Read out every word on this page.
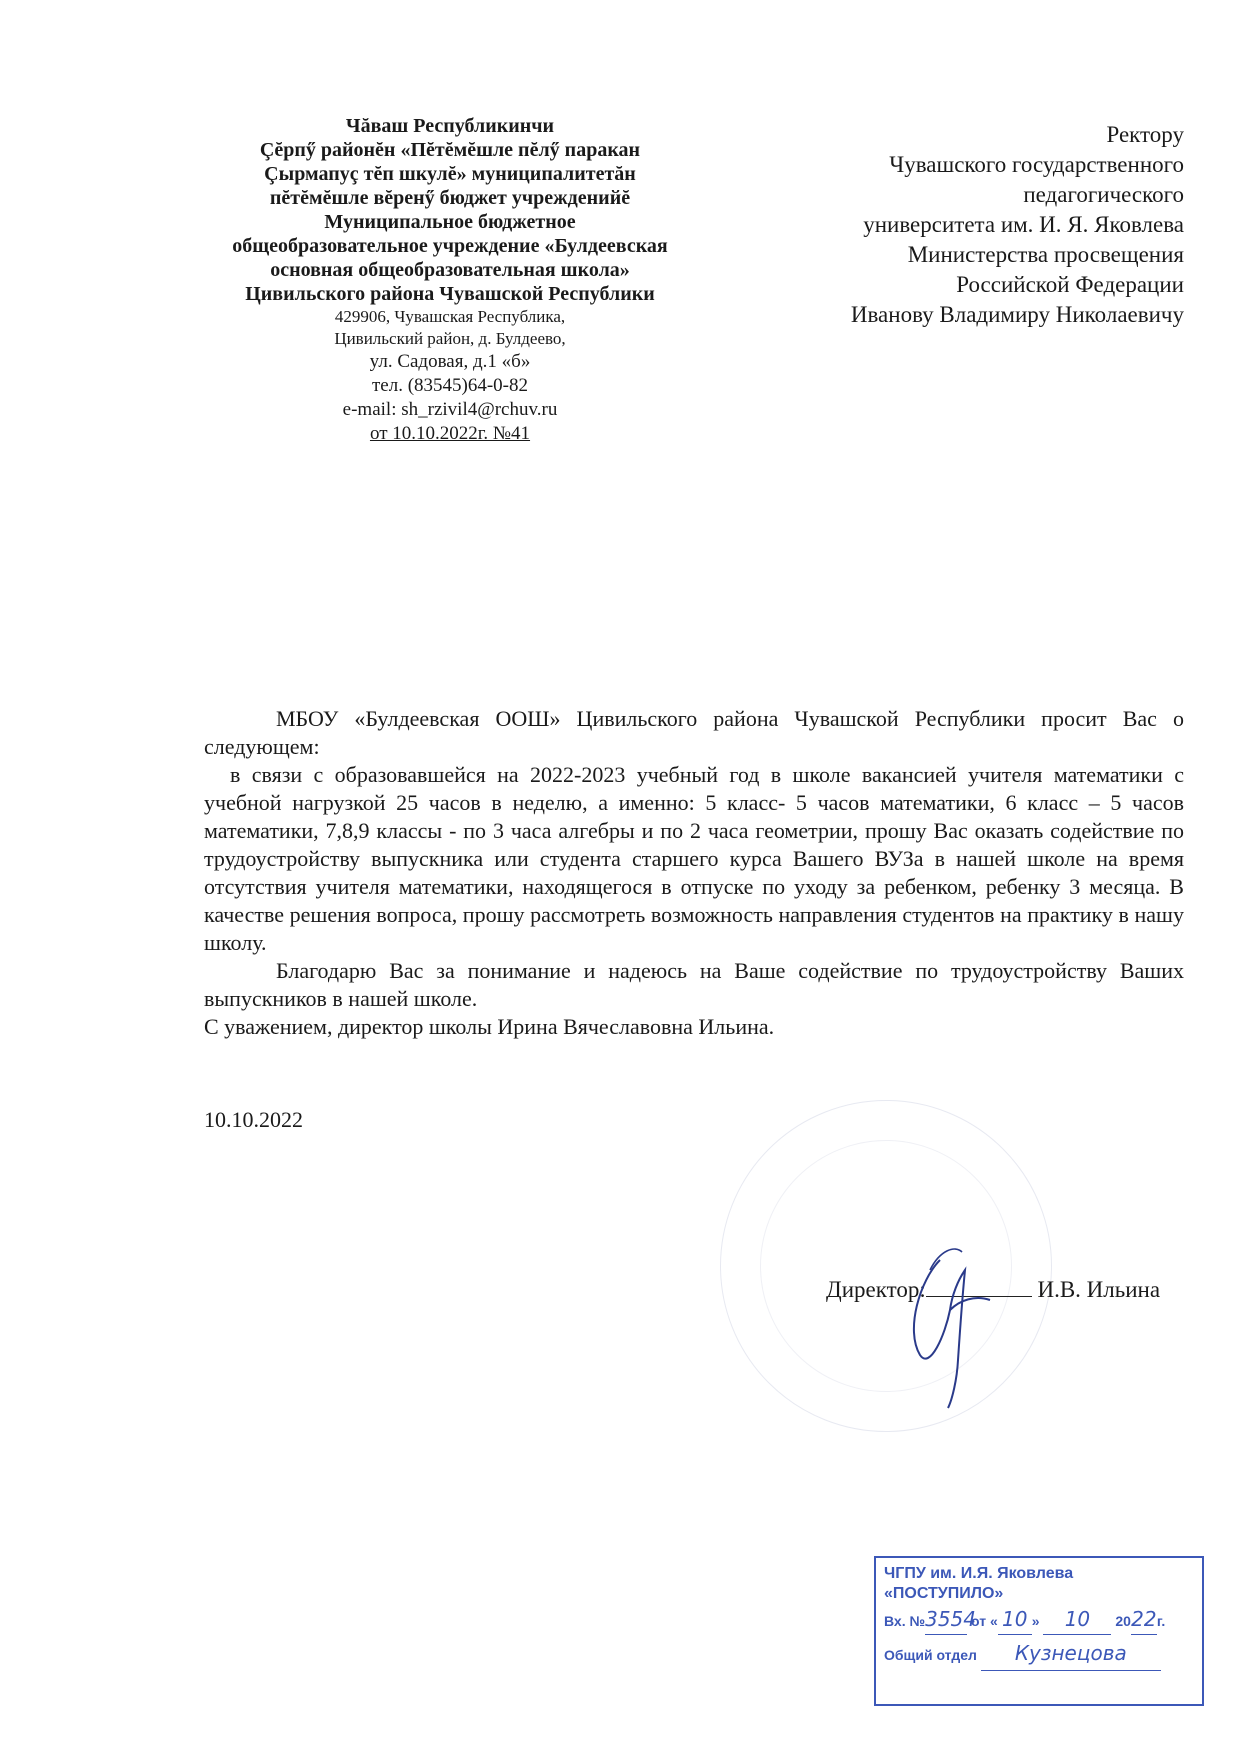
Чăваш Республикинчи
Çĕрпӳ районĕн «Пĕтĕмĕшле пĕлӳ паракан
Çырмапуç тĕп шкулĕ» муниципалитетăн
пĕтĕмĕшле вĕренӳ бюджет учрежденийĕ
Муниципальное бюджетное
общеобразовательное учреждение «Булдеевская
основная общеобразовательная школа»
Цивильского района Чувашской Республики
429906, Чувашская Республика,
Цивильский район, д. Булдеево,
ул. Садовая, д.1 «б»
тел. (83545)64-0-82
e-mail: sh_rzivil4@rchuv.ru
от 10.10.2022г. №41
Ректору
Чувашского государственного
педагогического
университета им. И. Я. Яковлева
Министерства просвещения
Российской Федерации
Иванову Владимиру Николаевичу

МБОУ «Булдеевская ООШ» Цивильского района Чувашской Республики просит Вас о следующем:

в связи с образовавшейся на 2022-2023 учебный год в школе вакансией учителя математики с учебной нагрузкой 25 часов в неделю, а именно: 5 класс- 5 часов математики, 6 класс – 5 часов математики, 7,8,9 классы - по 3 часа алгебры и по 2 часа геометрии, прошу Вас оказать содействие по трудоустройству выпускника или студента старшего курса Вашего ВУЗа в нашей школе на время отсутствия учителя математики, находящегося в отпуске по уходу за ребенком, ребенку 3 месяца. В качестве решения вопроса, прошу рассмотреть возможность направления студентов на практику в нашу школу.

Благодарю Вас за понимание и надеюсь на Ваше содействие по трудоустройству Ваших выпускников в нашей школе.

С уважением, директор школы Ирина Вячеславовна Ильина.

10.10.2022
Директор:	И.В. Ильина
ЧГПУ им. И.Я. Яковлева
«ПОСТУПИЛО»
Вх. №3554 от « 10 » 10 2022г.
Общий отдел Кузнецова
